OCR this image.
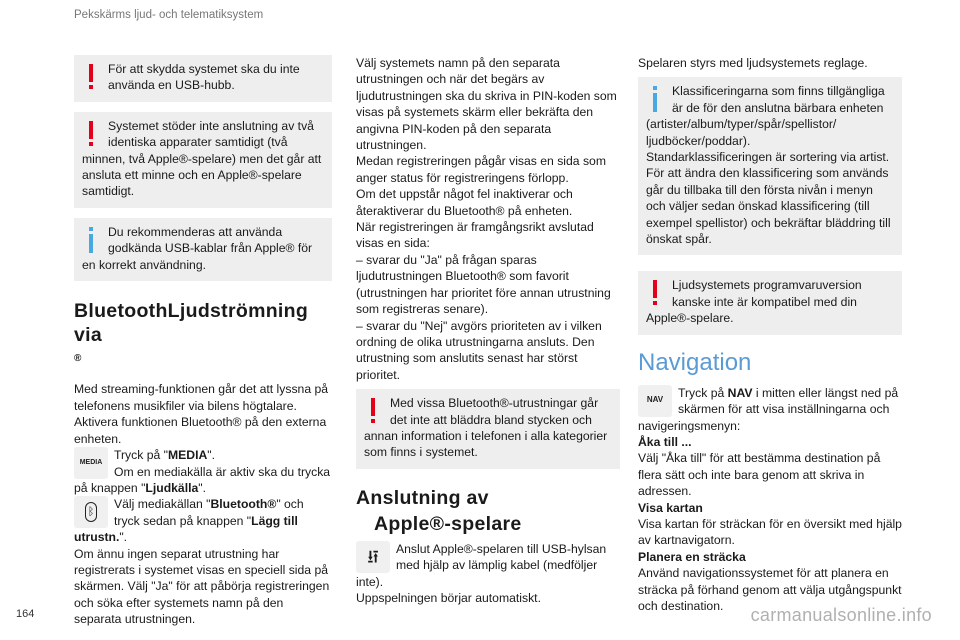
Pekskärms ljud- och telematiksystem

För att skydda systemet ska du inte använda en USB-hubb.

Systemet stöder inte anslutning av två identiska apparater samtidigt (två minnen, två Apple®-spelare) men det går att ansluta ett minne och en Apple®-spelare samtidigt.

Du rekommenderas att använda godkända USB-kablar från Apple® för en korrekt användning.

BluetoothLjudströmning via
®

Med streaming-funktionen går det att lyssna på telefonens musikfiler via bilens högtalare. Aktivera funktionen Bluetooth® på den externa enheten.

MEDIA

Tryck på "MEDIA".
Om en mediakälla är aktiv ska du trycka på knappen "Ljudkälla".

ᛒ

Välj mediakällan "Bluetooth®" och tryck sedan på knappen "Lägg till utrustn.".

Om ännu ingen separat utrustning har registrerats i systemet visas en speciell sida på skärmen. Välj "Ja" för att påbörja registreringen och söka efter systemets namn på den separata utrustningen.

Välj systemets namn på den separata utrustningen och när det begärs av ljudutrustningen ska du skriva in PIN-koden som visas på systemets skärm eller bekräfta den angivna PIN-koden på den separata utrustningen.

Medan registreringen pågår visas en sida som anger status för registreringens förlopp.

Om det uppstår något fel inaktiverar och återaktiverar du Bluetooth® på enheten.

När registreringen är framgångsrikt avslutad visas en sida:

– svarar du "Ja" på frågan sparas ljudutrustningen Bluetooth® som favorit (utrustningen har prioritet före annan utrustning som registreras senare).

– svarar du "Nej" avgörs prioriteten av i vilken ordning de olika utrustningarna ansluts. Den utrustning som anslutits senast har störst prioritet.

Med vissa Bluetooth®-utrustningar går det inte att bläddra bland stycken och annan information i telefonen i alla kategorier som finns i systemet.

Anslutning av
Apple®-spelare
⭿	Anslut Apple®-spelaren till USB-hylsan med hjälp av lämplig kabel (medföljer inte).

Uppspelningen börjar automatiskt.

Spelaren styrs med ljudsystemets reglage.

Klassificeringarna som finns tillgängliga är de för den anslutna bärbara enheten (artister/album/typer/spår/spellistor/ ljudböcker/poddar).

Standarklassificeringen är sortering via artist. För att ändra den klassificering som används går du tillbaka till den första nivån i menyn och väljer sedan önskad klassificering (till exempel spellistor) och bekräftar bläddring till önskat spår.

Ljudsystemets programvaruversion kanske inte är kompatibel med din Apple®-spelare.

Navigation
NAV

Tryck på NAV i mitten eller längst ned på skärmen för att visa inställningarna och navigeringsmenyn:

Åka till ...

Välj "Åka till" för att bestämma destination på flera sätt och inte bara genom att skriva in adressen.

Visa kartan

Visa kartan för sträckan för en översikt med hjälp av kartnavigatorn.

Planera en sträcka

Använd navigationssystemet för att planera en sträcka på förhand genom att välja utgångspunkt och destination.

164	carmanualsonline.info
